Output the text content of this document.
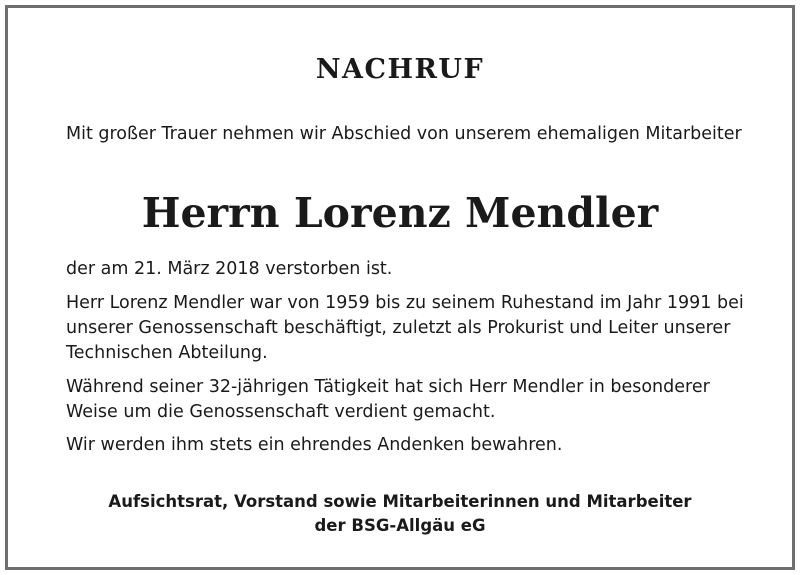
NACHRUF

Mit großer Trauer nehmen wir Abschied von unserem ehemaligen Mitarbeiter

Herrn Lorenz Mendler

der am 21. März 2018 verstorben ist.

Herr Lorenz Mendler war von 1959 bis zu seinem Ruhestand im Jahr 1991 bei unserer Genossenschaft beschäftigt, zuletzt als Prokurist und Leiter unserer Technischen Abteilung.

Während seiner 32-jährigen Tätigkeit hat sich Herr Mendler in besonderer Weise um die Genossenschaft verdient gemacht.

Wir werden ihm stets ein ehrendes Andenken bewahren.

Aufsichtsrat, Vorstand sowie Mitarbeiterinnen und Mitarbeiter
der BSG-Allgäu eG
